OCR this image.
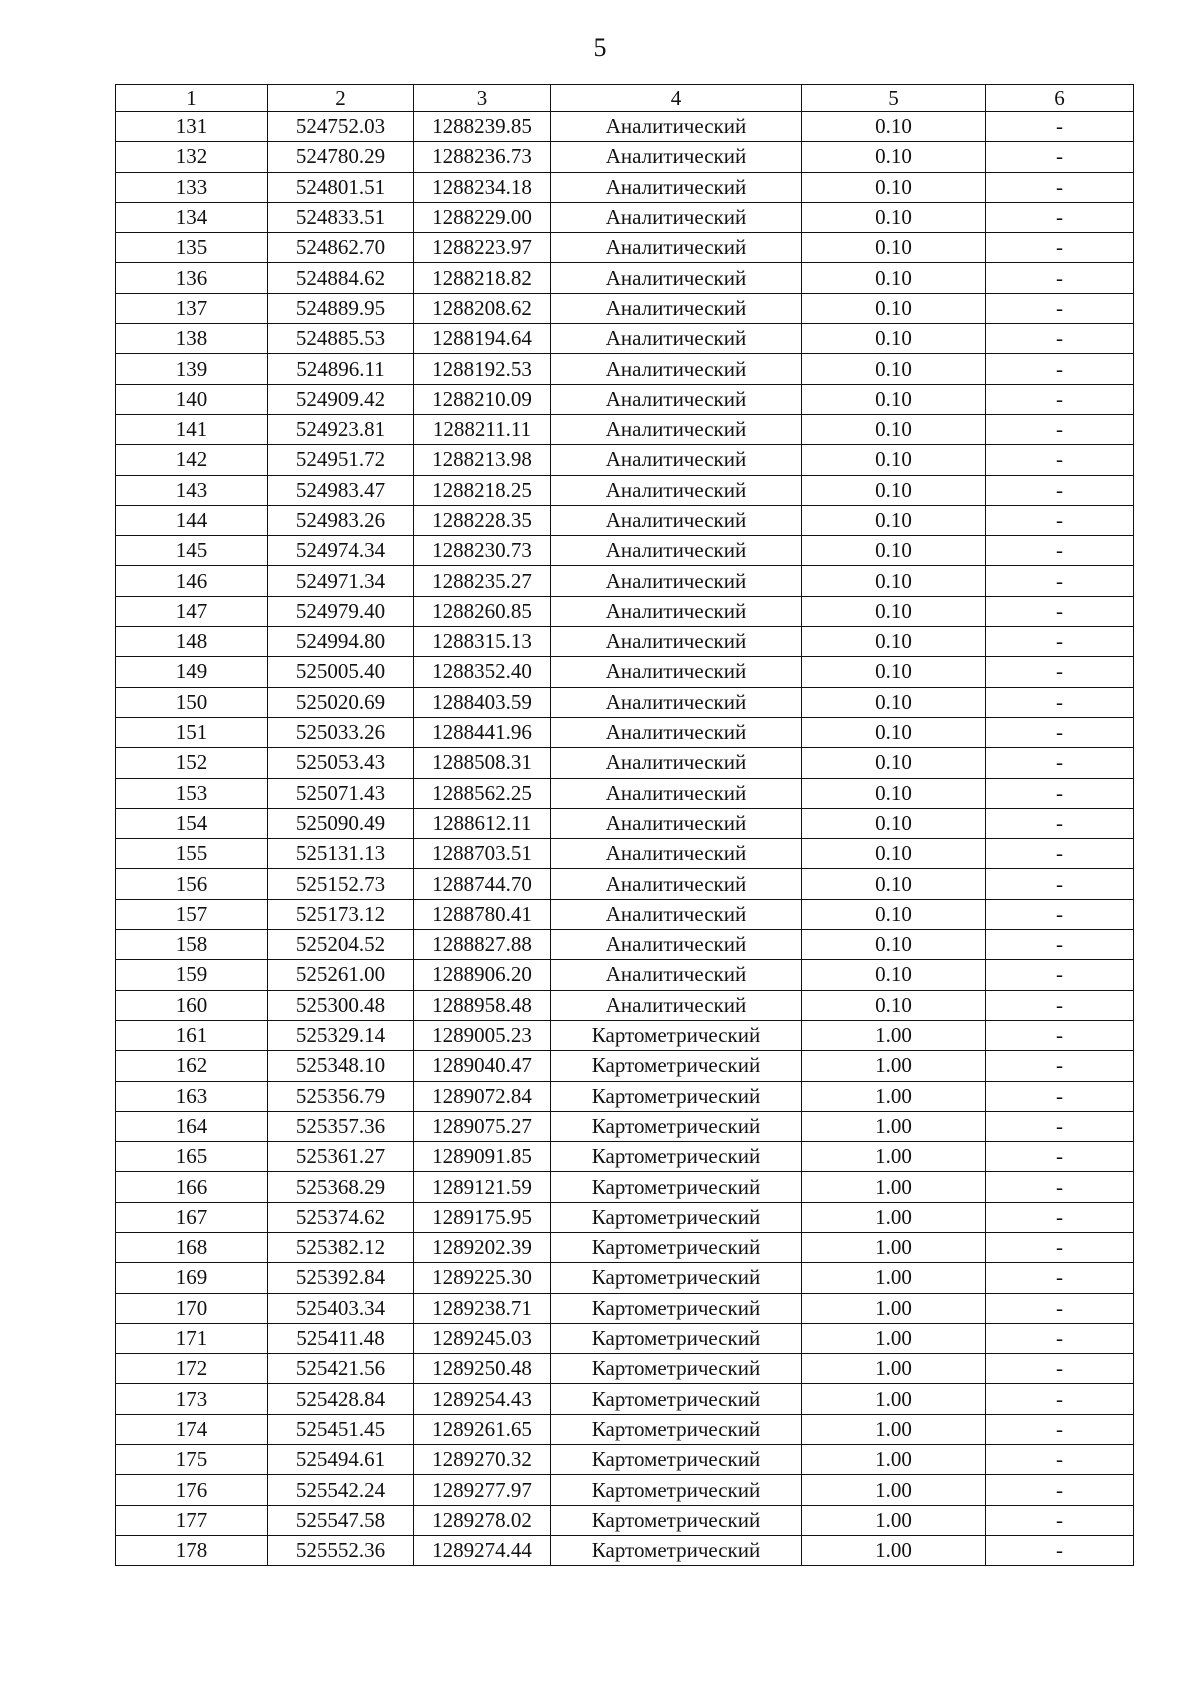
5
1	2	3	4	5	6
131	524752.03	1288239.85	Аналитический	0.10	-
132	524780.29	1288236.73	Аналитический	0.10	-
133	524801.51	1288234.18	Аналитический	0.10	-
134	524833.51	1288229.00	Аналитический	0.10	-
135	524862.70	1288223.97	Аналитический	0.10	-
136	524884.62	1288218.82	Аналитический	0.10	-
137	524889.95	1288208.62	Аналитический	0.10	-
138	524885.53	1288194.64	Аналитический	0.10	-
139	524896.11	1288192.53	Аналитический	0.10	-
140	524909.42	1288210.09	Аналитический	0.10	-
141	524923.81	1288211.11	Аналитический	0.10	-
142	524951.72	1288213.98	Аналитический	0.10	-
143	524983.47	1288218.25	Аналитический	0.10	-
144	524983.26	1288228.35	Аналитический	0.10	-
145	524974.34	1288230.73	Аналитический	0.10	-
146	524971.34	1288235.27	Аналитический	0.10	-
147	524979.40	1288260.85	Аналитический	0.10	-
148	524994.80	1288315.13	Аналитический	0.10	-
149	525005.40	1288352.40	Аналитический	0.10	-
150	525020.69	1288403.59	Аналитический	0.10	-
151	525033.26	1288441.96	Аналитический	0.10	-
152	525053.43	1288508.31	Аналитический	0.10	-
153	525071.43	1288562.25	Аналитический	0.10	-
154	525090.49	1288612.11	Аналитический	0.10	-
155	525131.13	1288703.51	Аналитический	0.10	-
156	525152.73	1288744.70	Аналитический	0.10	-
157	525173.12	1288780.41	Аналитический	0.10	-
158	525204.52	1288827.88	Аналитический	0.10	-
159	525261.00	1288906.20	Аналитический	0.10	-
160	525300.48	1288958.48	Аналитический	0.10	-
161	525329.14	1289005.23	Картометрический	1.00	-
162	525348.10	1289040.47	Картометрический	1.00	-
163	525356.79	1289072.84	Картометрический	1.00	-
164	525357.36	1289075.27	Картометрический	1.00	-
165	525361.27	1289091.85	Картометрический	1.00	-
166	525368.29	1289121.59	Картометрический	1.00	-
167	525374.62	1289175.95	Картометрический	1.00	-
168	525382.12	1289202.39	Картометрический	1.00	-
169	525392.84	1289225.30	Картометрический	1.00	-
170	525403.34	1289238.71	Картометрический	1.00	-
171	525411.48	1289245.03	Картометрический	1.00	-
172	525421.56	1289250.48	Картометрический	1.00	-
173	525428.84	1289254.43	Картометрический	1.00	-
174	525451.45	1289261.65	Картометрический	1.00	-
175	525494.61	1289270.32	Картометрический	1.00	-
176	525542.24	1289277.97	Картометрический	1.00	-
177	525547.58	1289278.02	Картометрический	1.00	-
178	525552.36	1289274.44	Картометрический	1.00	-
